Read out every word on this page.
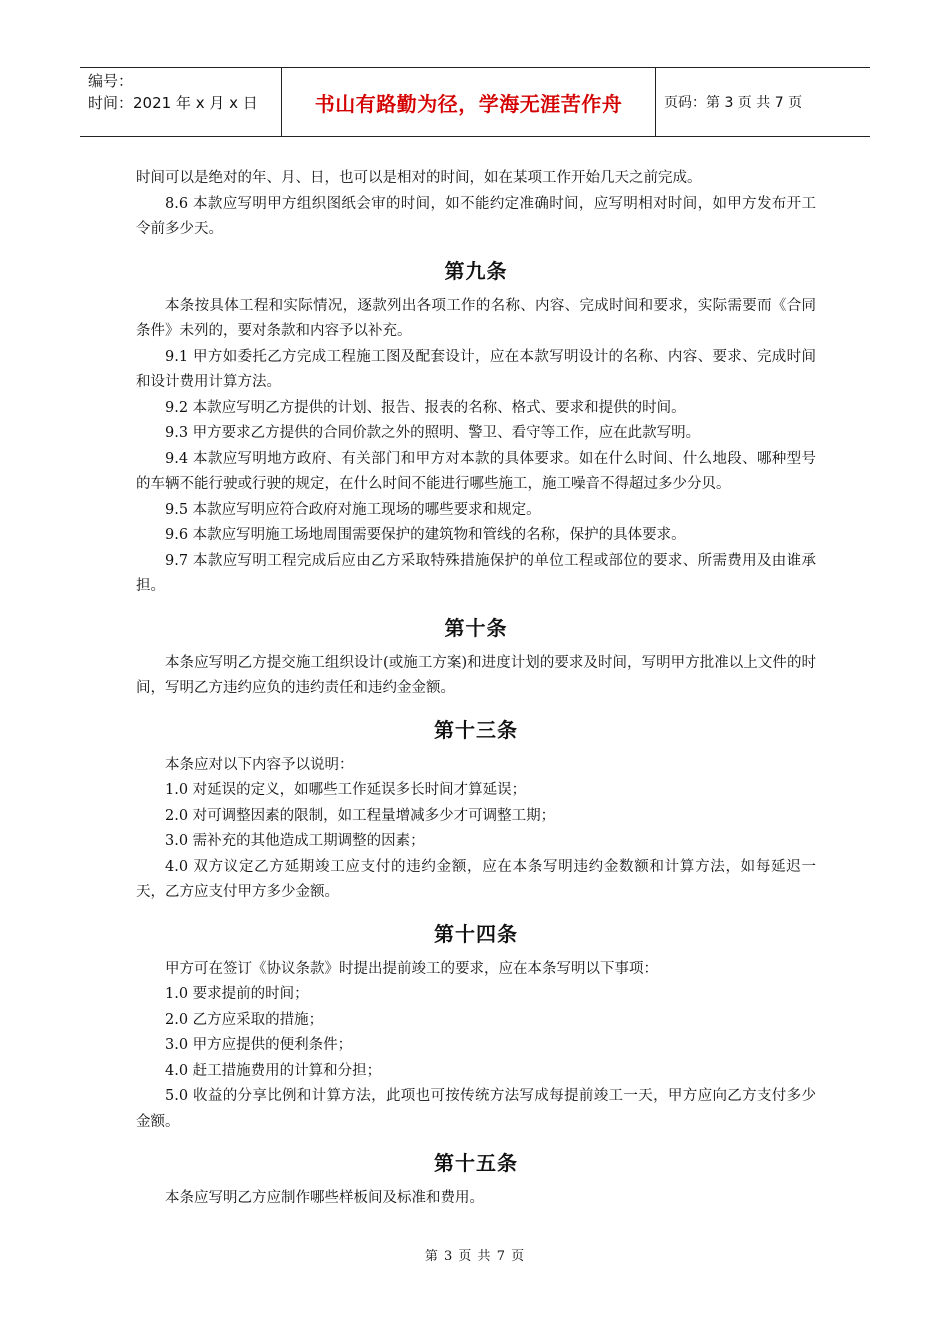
编号：
时间：2021 年 x 月 x 日	书山有路勤为径，学海无涯苦作舟	页码：第 3 页 共 7 页

时间可以是绝对的年、月、日，也可以是相对的时间，如在某项工作开始几天之前完成。

8.6 本款应写明甲方组织图纸会审的时间，如不能约定准确时间，应写明相对时间，如甲方发布开工令前多少天。

第九条

本条按具体工程和实际情况，逐款列出各项工作的名称、内容、完成时间和要求，实际需要而《合同条件》未列的，要对条款和内容予以补充。

9.1 甲方如委托乙方完成工程施工图及配套设计，应在本款写明设计的名称、内容、要求、完成时间和设计费用计算方法。

9.2 本款应写明乙方提供的计划、报告、报表的名称、格式、要求和提供的时间。

9.3 甲方要求乙方提供的合同价款之外的照明、警卫、看守等工作，应在此款写明。

9.4 本款应写明地方政府、有关部门和甲方对本款的具体要求。如在什么时间、什么地段、哪种型号的车辆不能行驶或行驶的规定，在什么时间不能进行哪些施工，施工噪音不得超过多少分贝。

9.5 本款应写明应符合政府对施工现场的哪些要求和规定。

9.6 本款应写明施工场地周围需要保护的建筑物和管线的名称，保护的具体要求。

9.7 本款应写明工程完成后应由乙方采取特殊措施保护的单位工程或部位的要求、所需费用及由谁承担。

第十条

本条应写明乙方提交施工组织设计(或施工方案)和进度计划的要求及时间，写明甲方批准以上文件的时间，写明乙方违约应负的违约责任和违约金金额。

第十三条

本条应对以下内容予以说明：

1.0 对延误的定义，如哪些工作延误多长时间才算延误；

2.0 对可调整因素的限制，如工程量增减多少才可调整工期；

3.0 需补充的其他造成工期调整的因素；

4.0 双方议定乙方延期竣工应支付的违约金额，应在本条写明违约金数额和计算方法，如每延迟一天，乙方应支付甲方多少金额。

第十四条

甲方可在签订《协议条款》时提出提前竣工的要求，应在本条写明以下事项：

1.0 要求提前的时间；

2.0 乙方应采取的措施；

3.0 甲方应提供的便利条件；

4.0 赶工措施费用的计算和分担；

5.0 收益的分享比例和计算方法，此项也可按传统方法写成每提前竣工一天，甲方应向乙方支付多少金额。

第十五条

本条应写明乙方应制作哪些样板间及标准和费用。

第 3 页 共 7 页
